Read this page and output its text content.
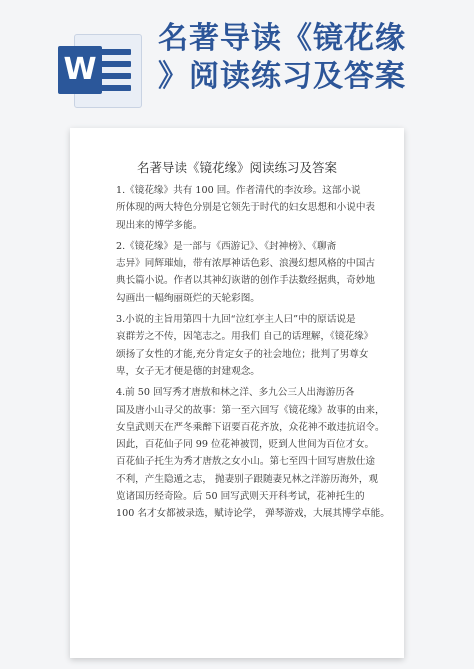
W
名著导读《镜花缘
》阅读练习及答案
名著导读《镜花缘》阅读练习及答案

1.《镜花缘》共有 100 回。作者清代的李汝珍。这部小说
所体现的两大特色分别是它领先于时代的妇女思想和小说中表
现出来的博学多能。

2.《镜花缘》是一部与《西游记》、《封神榜》、《聊斋
志异》同辉璀灿，带有浓厚神话色彩、浪漫幻想风格的中国古
典长篇小说。作者以其神幻诙谐的创作手法数经据典，奇妙地
勾画出一幅绚丽斑烂的天轮彩图。

3.小说的主旨用第四十九回“泣红亭主人曰”中的原话说是
哀群芳之不传，因笔志之。用我们 自己的话理解，《镜花缘》
颂扬了女性的才能,充分肯定女子的社会地位；批判了男尊女
卑，女子无才便是德的封建观念。

4.前 50 回写秀才唐敖和林之洋、多九公三人出海游历各
国及唐小山寻父的故事：第一至六回写《镜花缘》故事的由来，
女皇武则天在严冬乘醉下诏要百花齐放，众花神不敢违抗诏令。
因此，百花仙子同 99 位花神被罚，贬到人世间为百位才女。
百花仙子托生为秀才唐敖之女小山。第七至四十回写唐敖仕途
不利，产生隐遁之志， 抛妻别子跟随妻兄林之洋游历海外，观
览诸国历经奇险。后 50 回写武则天开科考试，花神托生的
100 名才女都被录选，赋诗论学， 弹琴游戏，大展其博学卓能。
